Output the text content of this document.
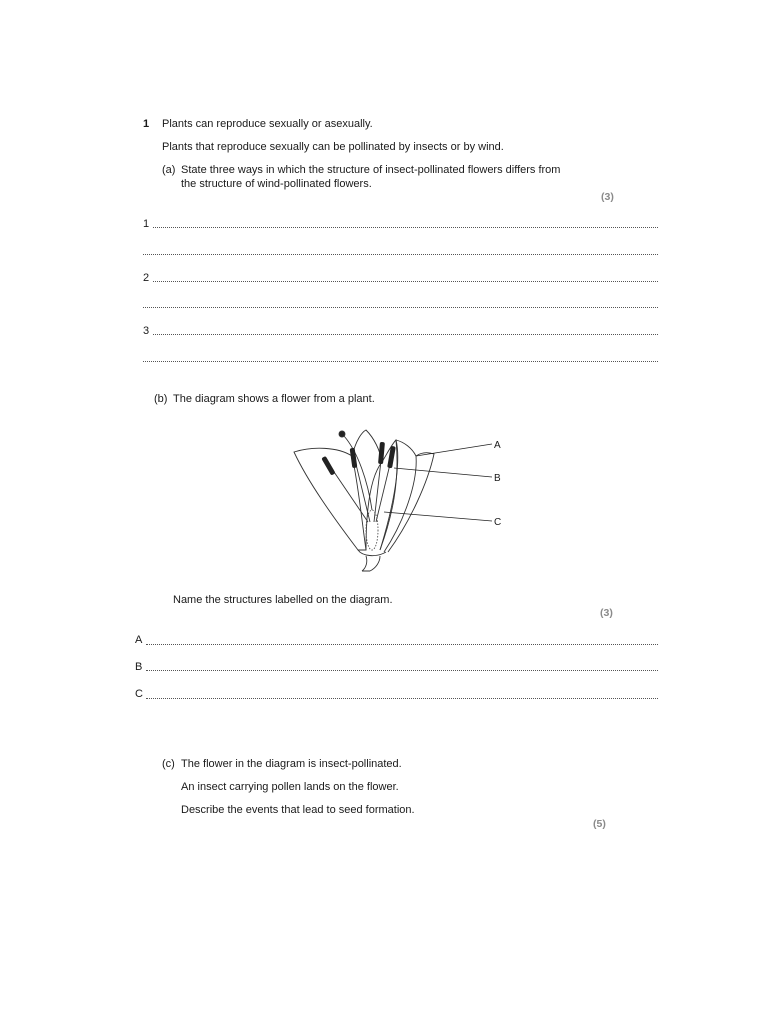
1 Plants can reproduce sexually or asexually.
Plants that reproduce sexually can be pollinated by insects or by wind.
(a) State three ways in which the structure of insect-pollinated flowers differs from
the structure of wind-pollinated flowers.
(3)
1
2
3
(b) The diagram shows a flower from a plant.
A
B
C
Name the structures labelled on the diagram.
(3)
A
B
C
(c) The flower in the diagram is insect-pollinated.
An insect carrying pollen lands on the flower.
Describe the events that lead to seed formation.
(5)
